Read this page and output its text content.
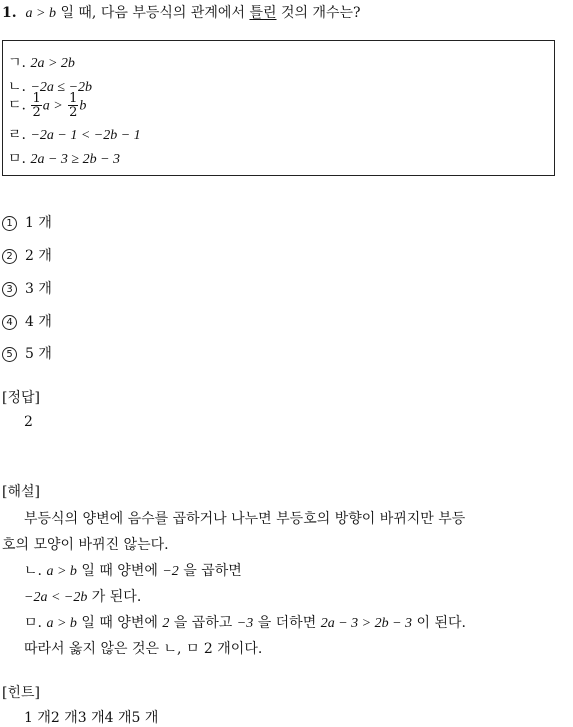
1. a > b 일 때, 다음 부등식의 관계에서 틀린 것의 개수는?
ㄱ. 2a > 2b
ㄴ. −2a ≤ −2b
ㄷ. $\frac{1}{2}$ $a > \frac{1}{2}$ b
ㄹ. −2a − 1 < −2b − 1
ㅁ. 2a − 3 ≥ 2b − 3
1 1 개
2 2 개
3 3 개
4 4 개
5 5 개
[정답]
2
[해설]
부등식의 양변에 음수를 곱하거나 나누면 부등호의 방향이 바뀌지만 부등
호의 모양이 바뀌진 않는다.
ㄴ. a > b 일 때 양변에 −2 을 곱하면
−2a < −2b 가 된다.
ㅁ. a > b 일 때 양변에 2 을 곱하고 −3 을 더하면 2a − 3 > 2b − 3 이 된다.
따라서 옳지 않은 것은 ㄴ, ㅁ 2 개이다.
[힌트]
1 개2 개3 개4 개5 개
